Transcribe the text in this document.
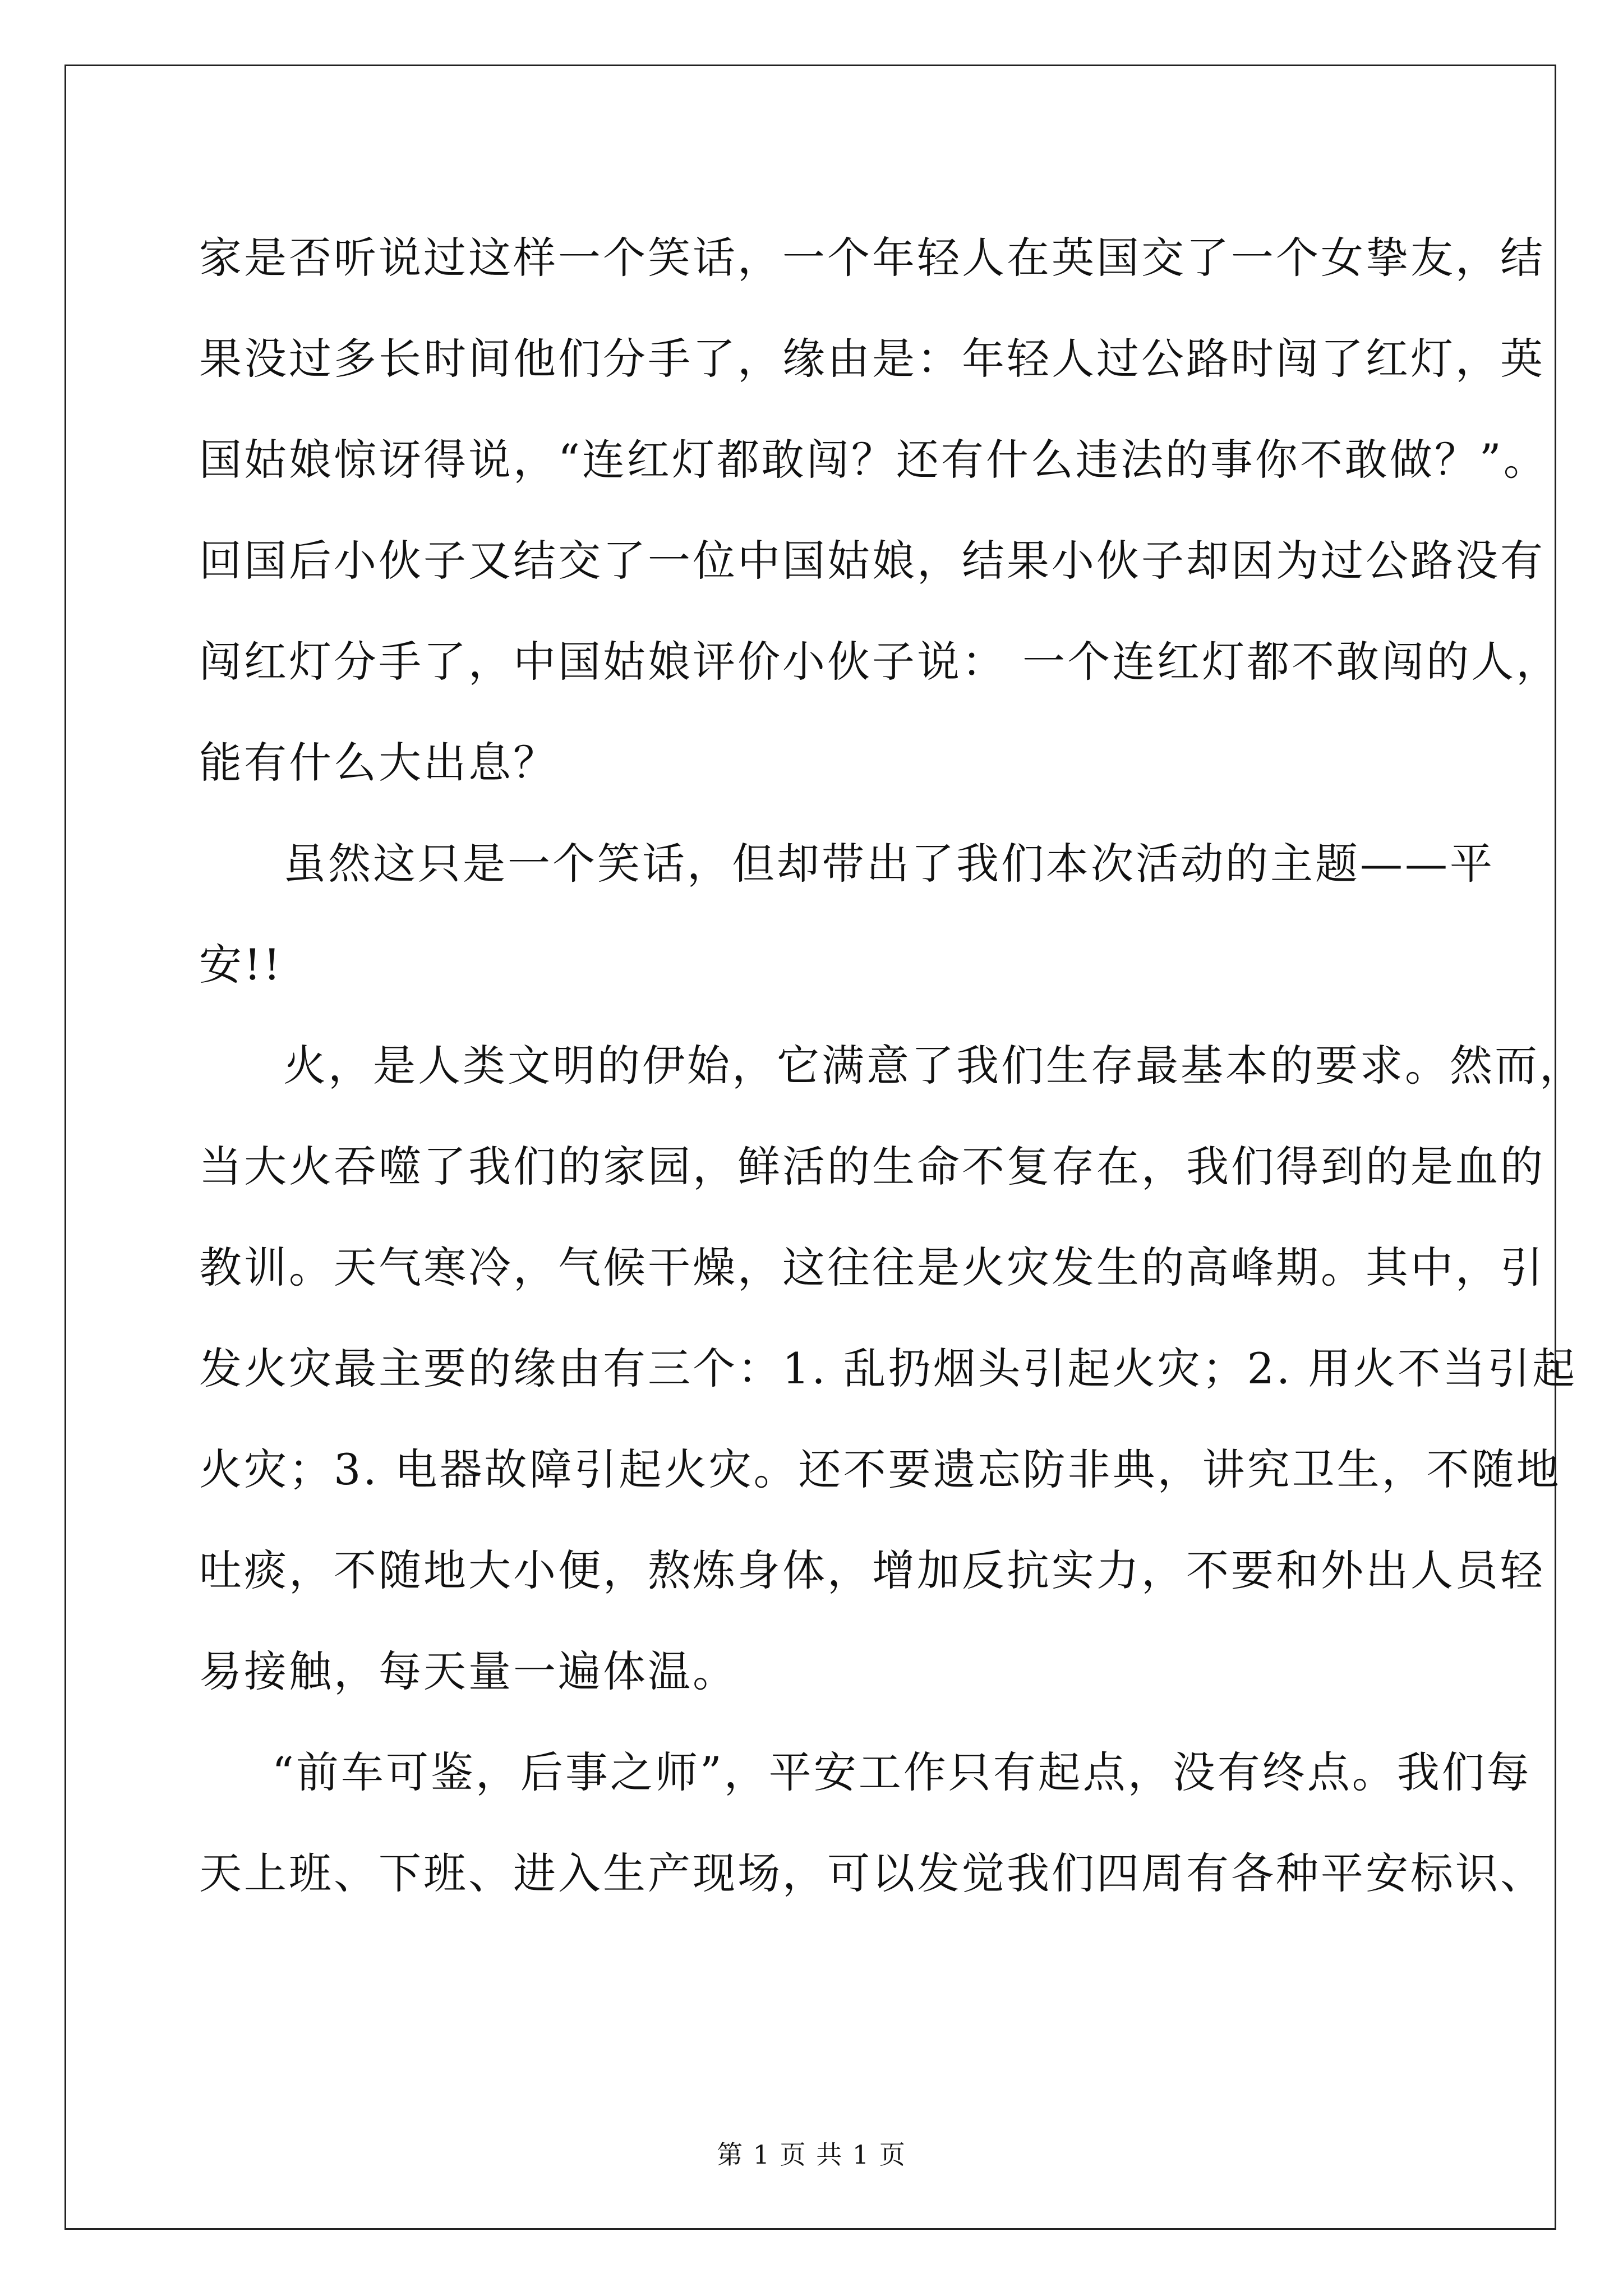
家是否听说过这样一个笑话，一个年轻人在英国交了一个女挚友，结
果没过多长时间他们分手了，缘由是：年轻人过公路时闯了红灯，英
国姑娘惊讶得说，“连红灯都敢闯？还有什么违法的事你不敢做？”。
回国后小伙子又结交了一位中国姑娘，结果小伙子却因为过公路没有
闯红灯分手了，中国姑娘评价小伙子说： 一个连红灯都不敢闯的人，
能有什么大出息？
虽然这只是一个笑话，但却带出了我们本次活动的主题——平
安!!
火，是人类文明的伊始，它满意了我们生存最基本的要求。然而，
当大火吞噬了我们的家园，鲜活的生命不复存在，我们得到的是血的
教训。天气寒冷，气候干燥，这往往是火灾发生的高峰期。其中，引
发火灾最主要的缘由有三个：1. 乱扔烟头引起火灾；2. 用火不当引起
火灾；3. 电器故障引起火灾。还不要遗忘防非典，讲究卫生，不随地
吐痰，不随地大小便，熬炼身体，增加反抗实力，不要和外出人员轻
易接触，每天量一遍体温。
“前车可鉴，后事之师”，平安工作只有起点，没有终点。我们每
天上班、下班、进入生产现场，可以发觉我们四周有各种平安标识、
第 1 页 共 1 页
